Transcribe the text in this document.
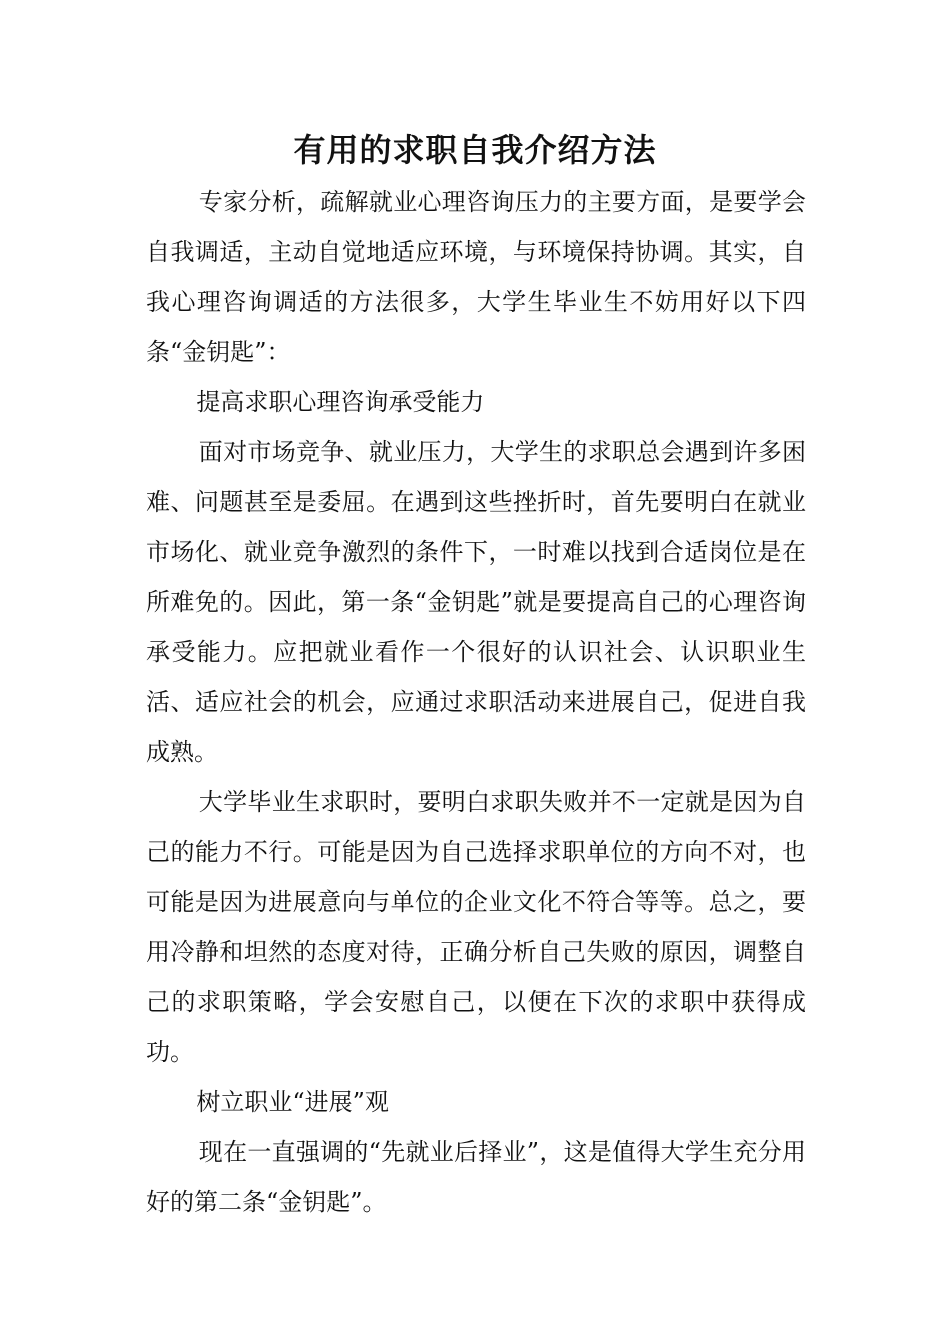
有用的求职自我介绍方法

专家分析，疏解就业心理咨询压力的主要方面，是要学会自我调适，主动自觉地适应环境，与环境保持协调。其实，自我心理咨询调适的方法很多，大学生毕业生不妨用好以下四条“金钥匙”：

提高求职心理咨询承受能力

面对市场竞争、就业压力，大学生的求职总会遇到许多困难、问题甚至是委屈。在遇到这些挫折时，首先要明白在就业市场化、就业竞争激烈的条件下，一时难以找到合适岗位是在所难免的。因此，第一条“金钥匙”就是要提高自己的心理咨询承受能力。应把就业看作一个很好的认识社会、认识职业生活、适应社会的机会，应通过求职活动来进展自己，促进自我成熟。

大学毕业生求职时，要明白求职失败并不一定就是因为自己的能力不行。可能是因为自己选择求职单位的方向不对，也可能是因为进展意向与单位的企业文化不符合等等。总之，要用冷静和坦然的态度对待，正确分析自己失败的原因，调整自己的求职策略，学会安慰自己，以便在下次的求职中获得成功。

树立职业“进展”观

现在一直强调的“先就业后择业”，这是值得大学生充分用好的第二条“金钥匙”。
